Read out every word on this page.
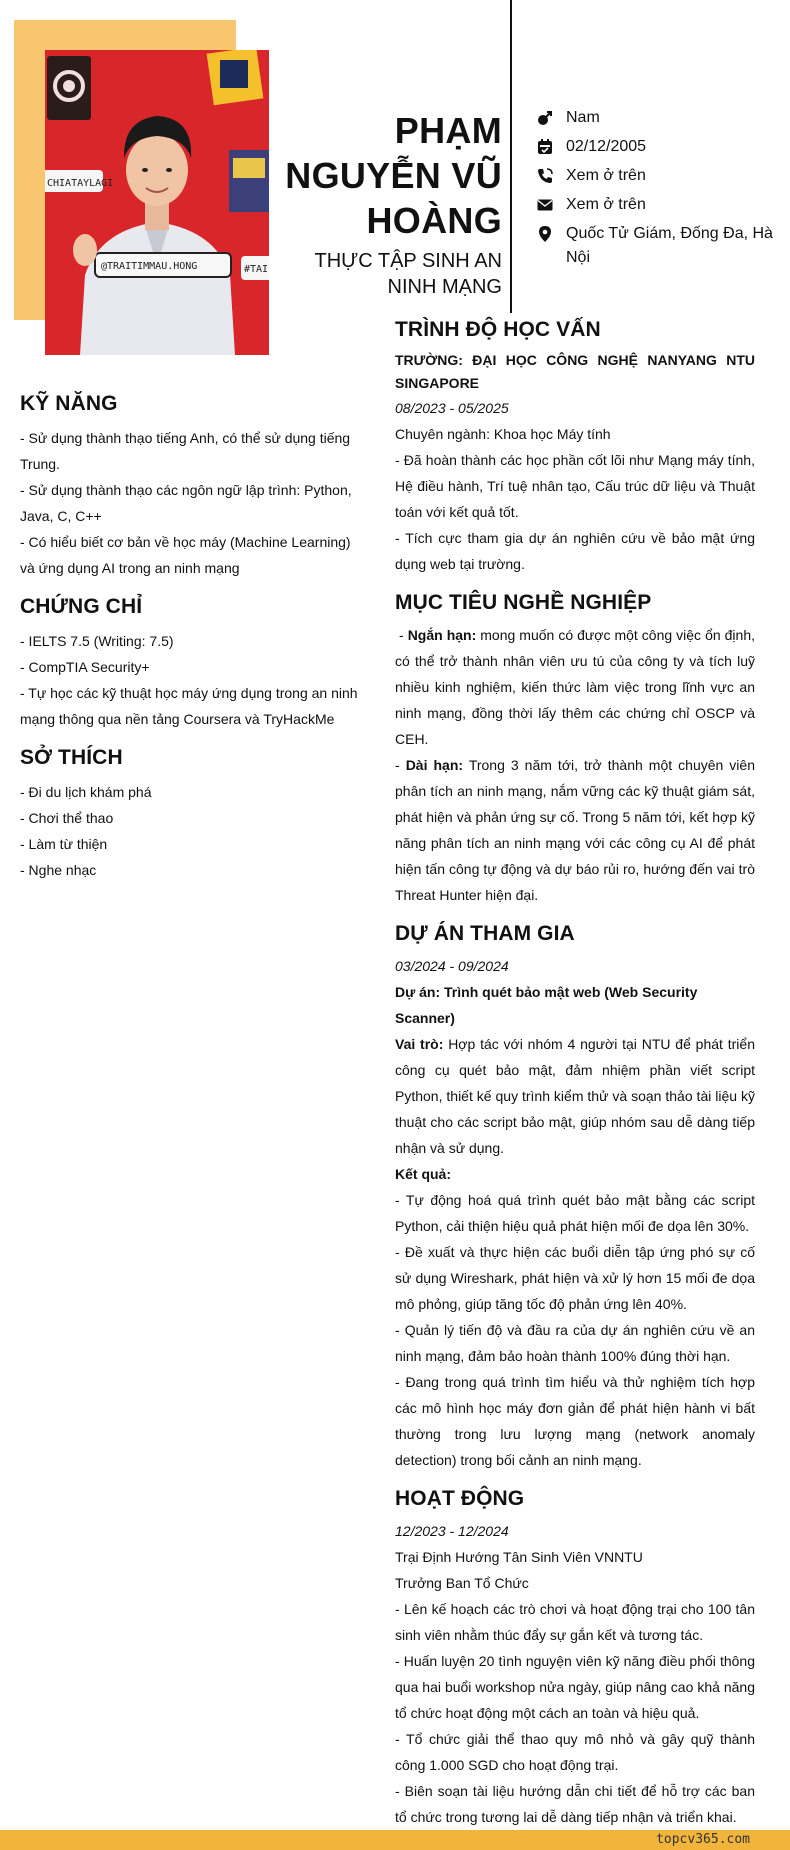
CHIATAYLAGI
@TRAITIMMAU.HONG	#TAI
PHẠM
NGUYỄN VŨ
HOÀNG
THỰC TẬP SINH AN
NINH MẠNG
Nam
02/12/2005
Xem ở trên
Xem ở trên
Quốc Tử Giám, Đống Đa, Hà Nội
KỸ NĂNG

- Sử dụng thành thạo tiếng Anh, có thể sử dụng tiếng Trung.

- Sử dụng thành thạo các ngôn ngữ lập trình: Python, Java, C, C++

- Có hiểu biết cơ bản về học máy (Machine Learning) và ứng dụng AI trong an ninh mạng

CHỨNG CHỈ

- IELTS 7.5 (Writing: 7.5)

- CompTIA Security+

- Tự học các kỹ thuật học máy ứng dụng trong an ninh mạng thông qua nền tảng Coursera và TryHackMe

SỞ THÍCH

- Đi du lịch khám phá

- Chơi thể thao

- Làm từ thiện

- Nghe nhạc

TRÌNH ĐỘ HỌC VẤN

TRƯỜNG: ĐẠI HỌC CÔNG NGHỆ NANYANG NTU SINGAPORE

08/2023 - 05/2025

Chuyên ngành: Khoa học Máy tính

- Đã hoàn thành các học phần cốt lõi như Mạng máy tính, Hệ điều hành, Trí tuệ nhân tạo, Cấu trúc dữ liệu và Thuật toán với kết quả tốt.

- Tích cực tham gia dự án nghiên cứu về bảo mật ứng dụng web tại trường.

MỤC TIÊU NGHỀ NGHIỆP

- Ngắn hạn: mong muốn có được một công việc ổn định, có thể trở thành nhân viên ưu tú của công ty và tích luỹ nhiều kinh nghiệm, kiến thức làm việc trong lĩnh vực an ninh mạng, đồng thời lấy thêm các chứng chỉ OSCP và CEH.

- Dài hạn: Trong 3 năm tới, trở thành một chuyên viên phân tích an ninh mạng, nắm vững các kỹ thuật giám sát, phát hiện và phản ứng sự cố. Trong 5 năm tới, kết hợp kỹ năng phân tích an ninh mạng với các công cụ AI để phát hiện tấn công tự động và dự báo rủi ro, hướng đến vai trò Threat Hunter hiện đại.

DỰ ÁN THAM GIA

03/2024 - 09/2024

Dự án: Trình quét bảo mật web (Web Security Scanner)

Vai trò: Hợp tác với nhóm 4 người tại NTU để phát triển công cụ quét bảo mật, đảm nhiệm phần viết script Python, thiết kế quy trình kiểm thử và soạn thảo tài liệu kỹ thuật cho các script bảo mật, giúp nhóm sau dễ dàng tiếp nhận và sử dụng.

Kết quả:

- Tự động hoá quá trình quét bảo mật bằng các script Python, cải thiện hiệu quả phát hiện mối đe dọa lên 30%.

- Đề xuất và thực hiện các buổi diễn tập ứng phó sự cố sử dụng Wireshark, phát hiện và xử lý hơn 15 mối đe dọa mô phỏng, giúp tăng tốc độ phản ứng lên 40%.

- Quản lý tiến độ và đầu ra của dự án nghiên cứu về an ninh mạng, đảm bảo hoàn thành 100% đúng thời hạn.

- Đang trong quá trình tìm hiểu và thử nghiệm tích hợp các mô hình học máy đơn giản để phát hiện hành vi bất thường trong lưu lượng mạng (network anomaly detection) trong bối cảnh an ninh mạng.

HOẠT ĐỘNG

12/2023 - 12/2024

Trại Định Hướng Tân Sinh Viên VNNTU

Trưởng Ban Tổ Chức

- Lên kế hoạch các trò chơi và hoạt động trại cho 100 tân sinh viên nhằm thúc đẩy sự gắn kết và tương tác.

- Huấn luyện 20 tình nguyện viên kỹ năng điều phối thông qua hai buổi workshop nửa ngày, giúp nâng cao khả năng tổ chức hoạt động một cách an toàn và hiệu quả.

- Tổ chức giải thể thao quy mô nhỏ và gây quỹ thành công 1.000 SGD cho hoạt động trại.

- Biên soạn tài liệu hướng dẫn chi tiết để hỗ trợ các ban tổ chức trong tương lai dễ dàng tiếp nhận và triển khai.

topcv365.com
